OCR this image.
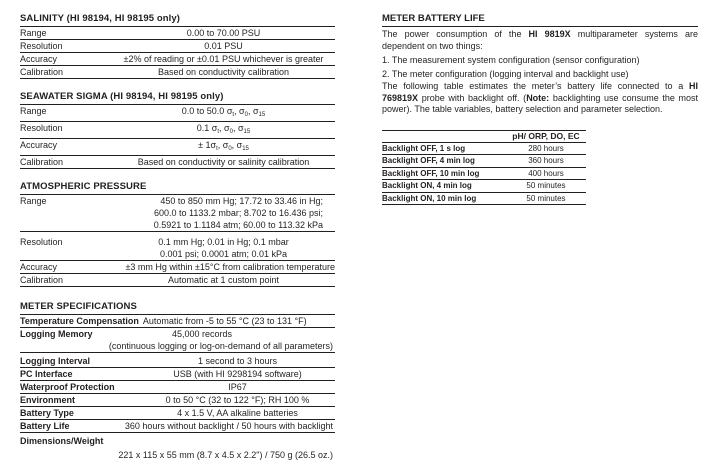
SALINITY (HI 98194, HI 98195 only)
Range	0.00 to 70.00 PSU
Resolution	0.01 PSU
Accuracy	±2% of reading or ±0.01 PSU whichever is greater
Calibration	Based on conductivity calibration
SEAWATER SIGMA (HI 98194, HI 98195 only)
Range	0.0 to 50.0 $\sigma_t$, $\sigma_0$, $\sigma_{15}$
Resolution	0.1 $\sigma_t$, $\sigma_0$, $\sigma_{15}$
Accuracy	± $1\sigma_t$, $\sigma_0$, $\sigma_{15}$
Calibration	Based on conductivity or salinity calibration
ATMOSPHERIC PRESSURE
Range	450 to 850 mm Hg; 17.72 to 33.46 in Hg;
600.0 to 1133.2 mbar; 8.702 to 16.436 psi;
0.5921 to 1.1184 atm; 60.00 to 113.32 kPa
Resolution	0.1 mm Hg; 0.01 in Hg; 0.1 mbar
0.001 psi; 0.0001 atm; 0.01 kPa
Accuracy	±3 mm Hg within ±15°C from calibration temperature
Calibration	Automatic at 1 custom point
METER SPECIFICATIONS
Temperature Compensation Automatic from -5 to 55 °C (23 to 131 °F)
Logging Memory	45,000 records
(continuous logging or log-on-demand of all parameters)
Logging Interval	1 second to 3 hours
PC Interface	USB (with HI 9298194 software)
Waterproof Protection	IP67
Environment	0 to 50 °C (32 to 122 °F); RH 100 %
Battery Type	4 x 1.5 V, AA alkaline batteries
Battery Life	360 hours without backlight / 50 hours with backlight
Dimensions/Weight
221 x 115 x 55 mm (8.7 x 4.5 x 2.2") / 750 g (26.5 oz.)
METER BATTERY LIFE
The power consumption of the HI 9819X multiparameter systems are dependent on two things:
1. The measurement system configuration (sensor configuration)
2. The meter configuration (logging interval and backlight use)
The following table estimates the meter’s battery life connected to a HI 769819X probe with backlight off. (Note: backlighting use consume the most power). The table variables, battery selection and parameter selection.
	pH/ ORP, DO, EC
Backlight OFF, 1 s log	280 hours
Backlight OFF, 4 min log	360 hours
Backlight OFF, 10 min log	400 hours
Backlight ON, 4 min log	50 minutes
Backlight ON, 10 min log	50 minutes
